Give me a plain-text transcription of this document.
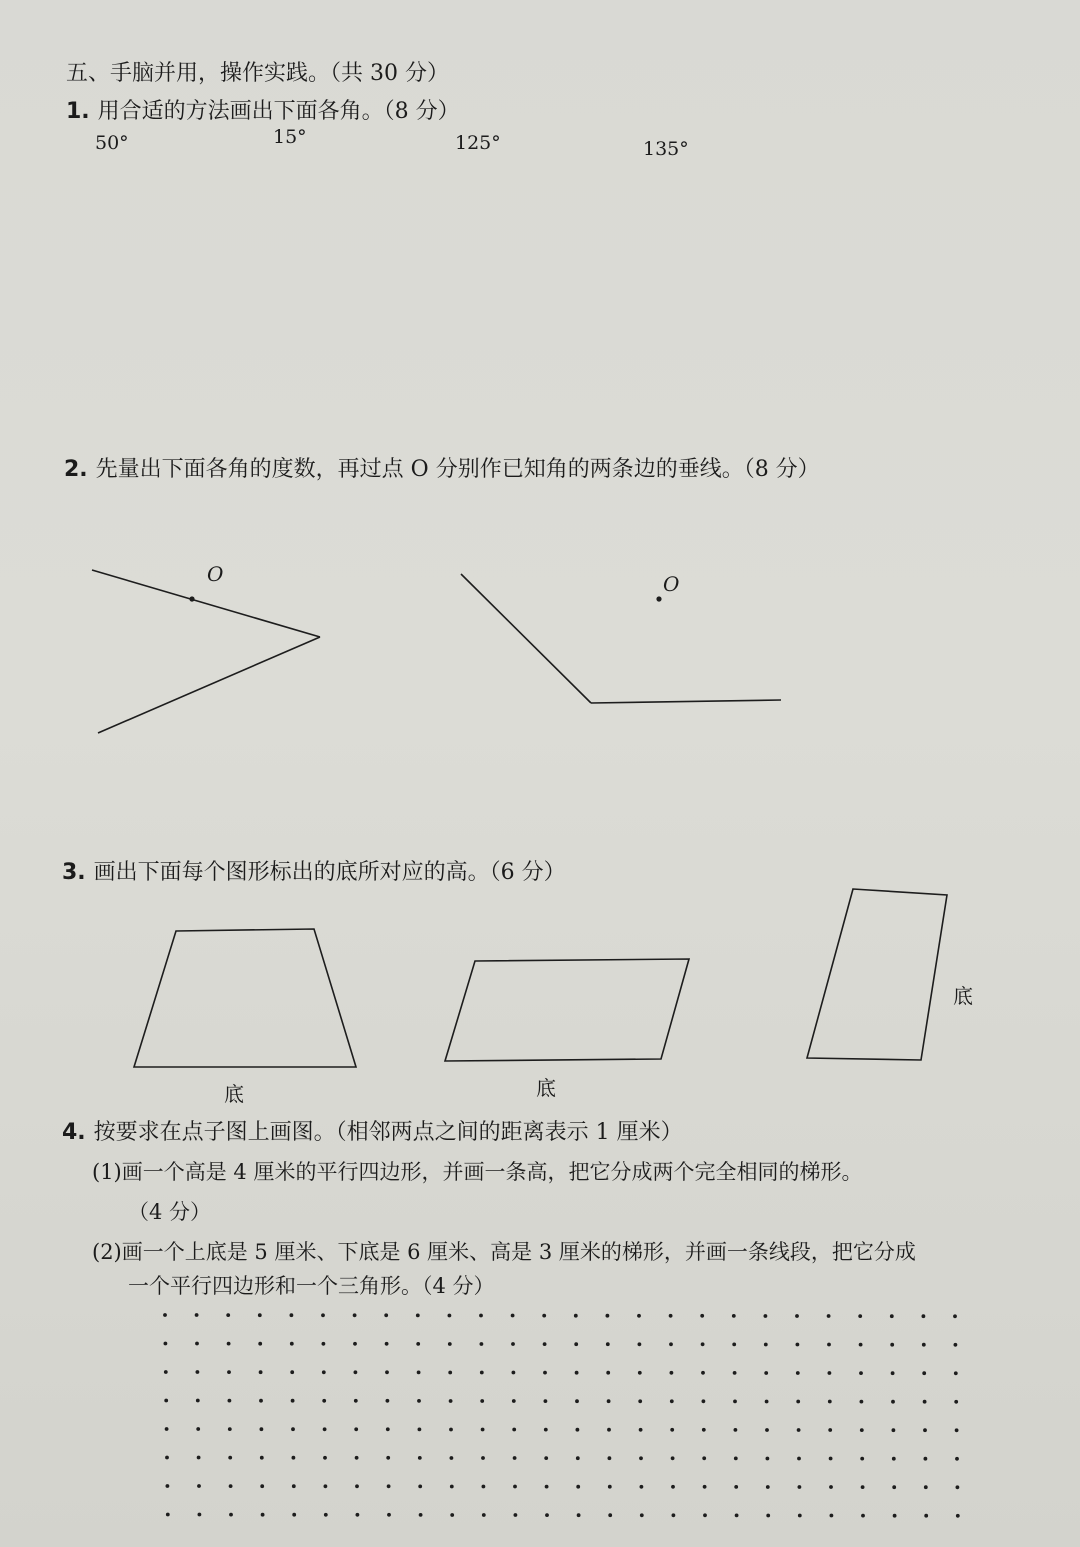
五、手脑并用，操作实践。（共 30 分）
1. 用合适的方法画出下面各角。（8 分）
50°	15°	125°	135°
2. 先量出下面各角的度数，再过点 O 分别作已知角的两条边的垂线。（8 分）
O	O
3. 画出下面每个图形标出的底所对应的高。（6 分）
底	底
底
4. 按要求在点子图上画图。（相邻两点之间的距离表示 1 厘米）
(1)画一个高是 4 厘米的平行四边形，并画一条高，把它分成两个完全相同的梯形。
（4 分）
(2)画一个上底是 5 厘米、下底是 6 厘米、高是 3 厘米的梯形，并画一条线段，把它分成
一个平行四边形和一个三角形。（4 分）
